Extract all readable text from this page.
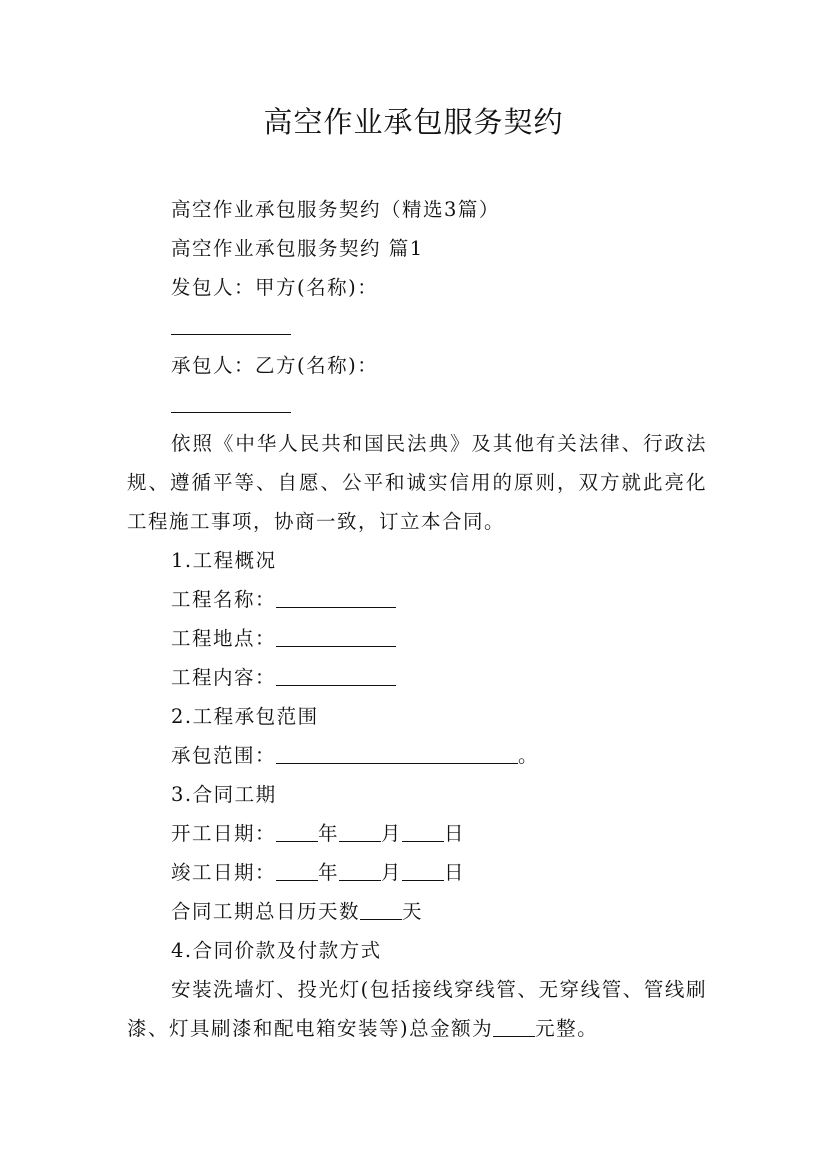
高空作业承包服务契约
高空作业承包服务契约（精选3篇）
高空作业承包服务契约 篇1
发包人：甲方(名称)：
承包人：乙方(名称)：
依照《中华人民共和国民法典》及其他有关法律、行政法规、遵循平等、自愿、公平和诚实信用的原则，双方就此亮化工程施工事项，协商一致，订立本合同。
1.工程概况
工程名称：
工程地点：
工程内容：
2.工程承包范围
承包范围：	。
3.合同工期
开工日期： 年 月 日
竣工日期： 年 月 日
合同工期总日历天数 天
4.合同价款及付款方式
安装洗墙灯、投光灯(包括接线穿线管、无穿线管、管线刷漆、灯具刷漆和配电箱安装等)总金额为 元整。
